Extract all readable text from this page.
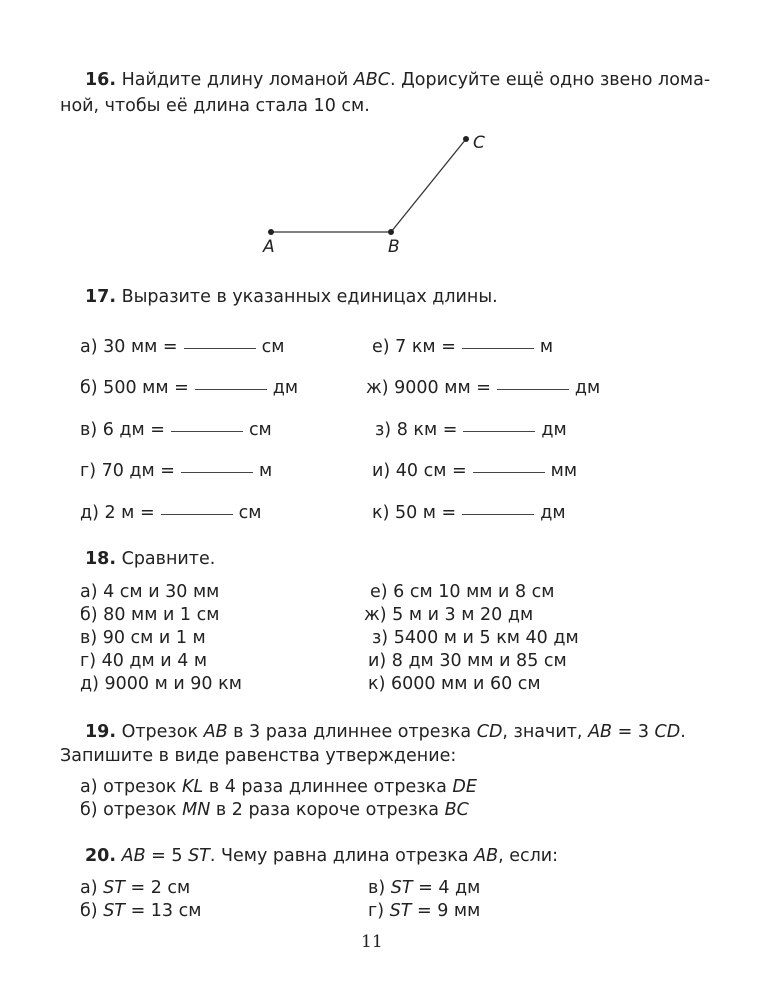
16. Найдите длину ломаной ABC. Дорисуйте ещё одно звено лома-
ной, чтобы её длина стала 10 см.
A	B
C
17. Выразите в указанных единицах длины.
а) 30 мм =	см
б) 500 мм =	дм
в) 6 дм =	см
г) 70 дм =	м
д) 2 м =	см
е) 7 км =	м
ж) 9000 мм =	дм
з) 8 км =	дм
и) 40 см =	мм
к) 50 м =	дм
18. Сравните.
а) 4 см и 30 мм
б) 80 мм и 1 см
в) 90 см и 1 м
г) 40 дм и 4 м
д) 9000 м и 90 км
е) 6 см 10 мм и 8 см
ж) 5 м и 3 м 20 дм
з) 5400 м и 5 км 40 дм
и) 8 дм 30 мм и 85 см
к) 6000 мм и 60 см
19. Отрезок AB в 3 раза длиннее отрезка CD, значит, AB = 3 CD.
Запишите в виде равенства утверждение:
а) отрезок KL в 4 раза длиннее отрезка DE
б) отрезок MN в 2 раза короче отрезка BC
20. AB = 5 ST. Чему равна длина отрезка AB, если:
а) ST = 2 см
б) ST = 13 см
в) ST = 4 дм
г) ST = 9 мм
11
